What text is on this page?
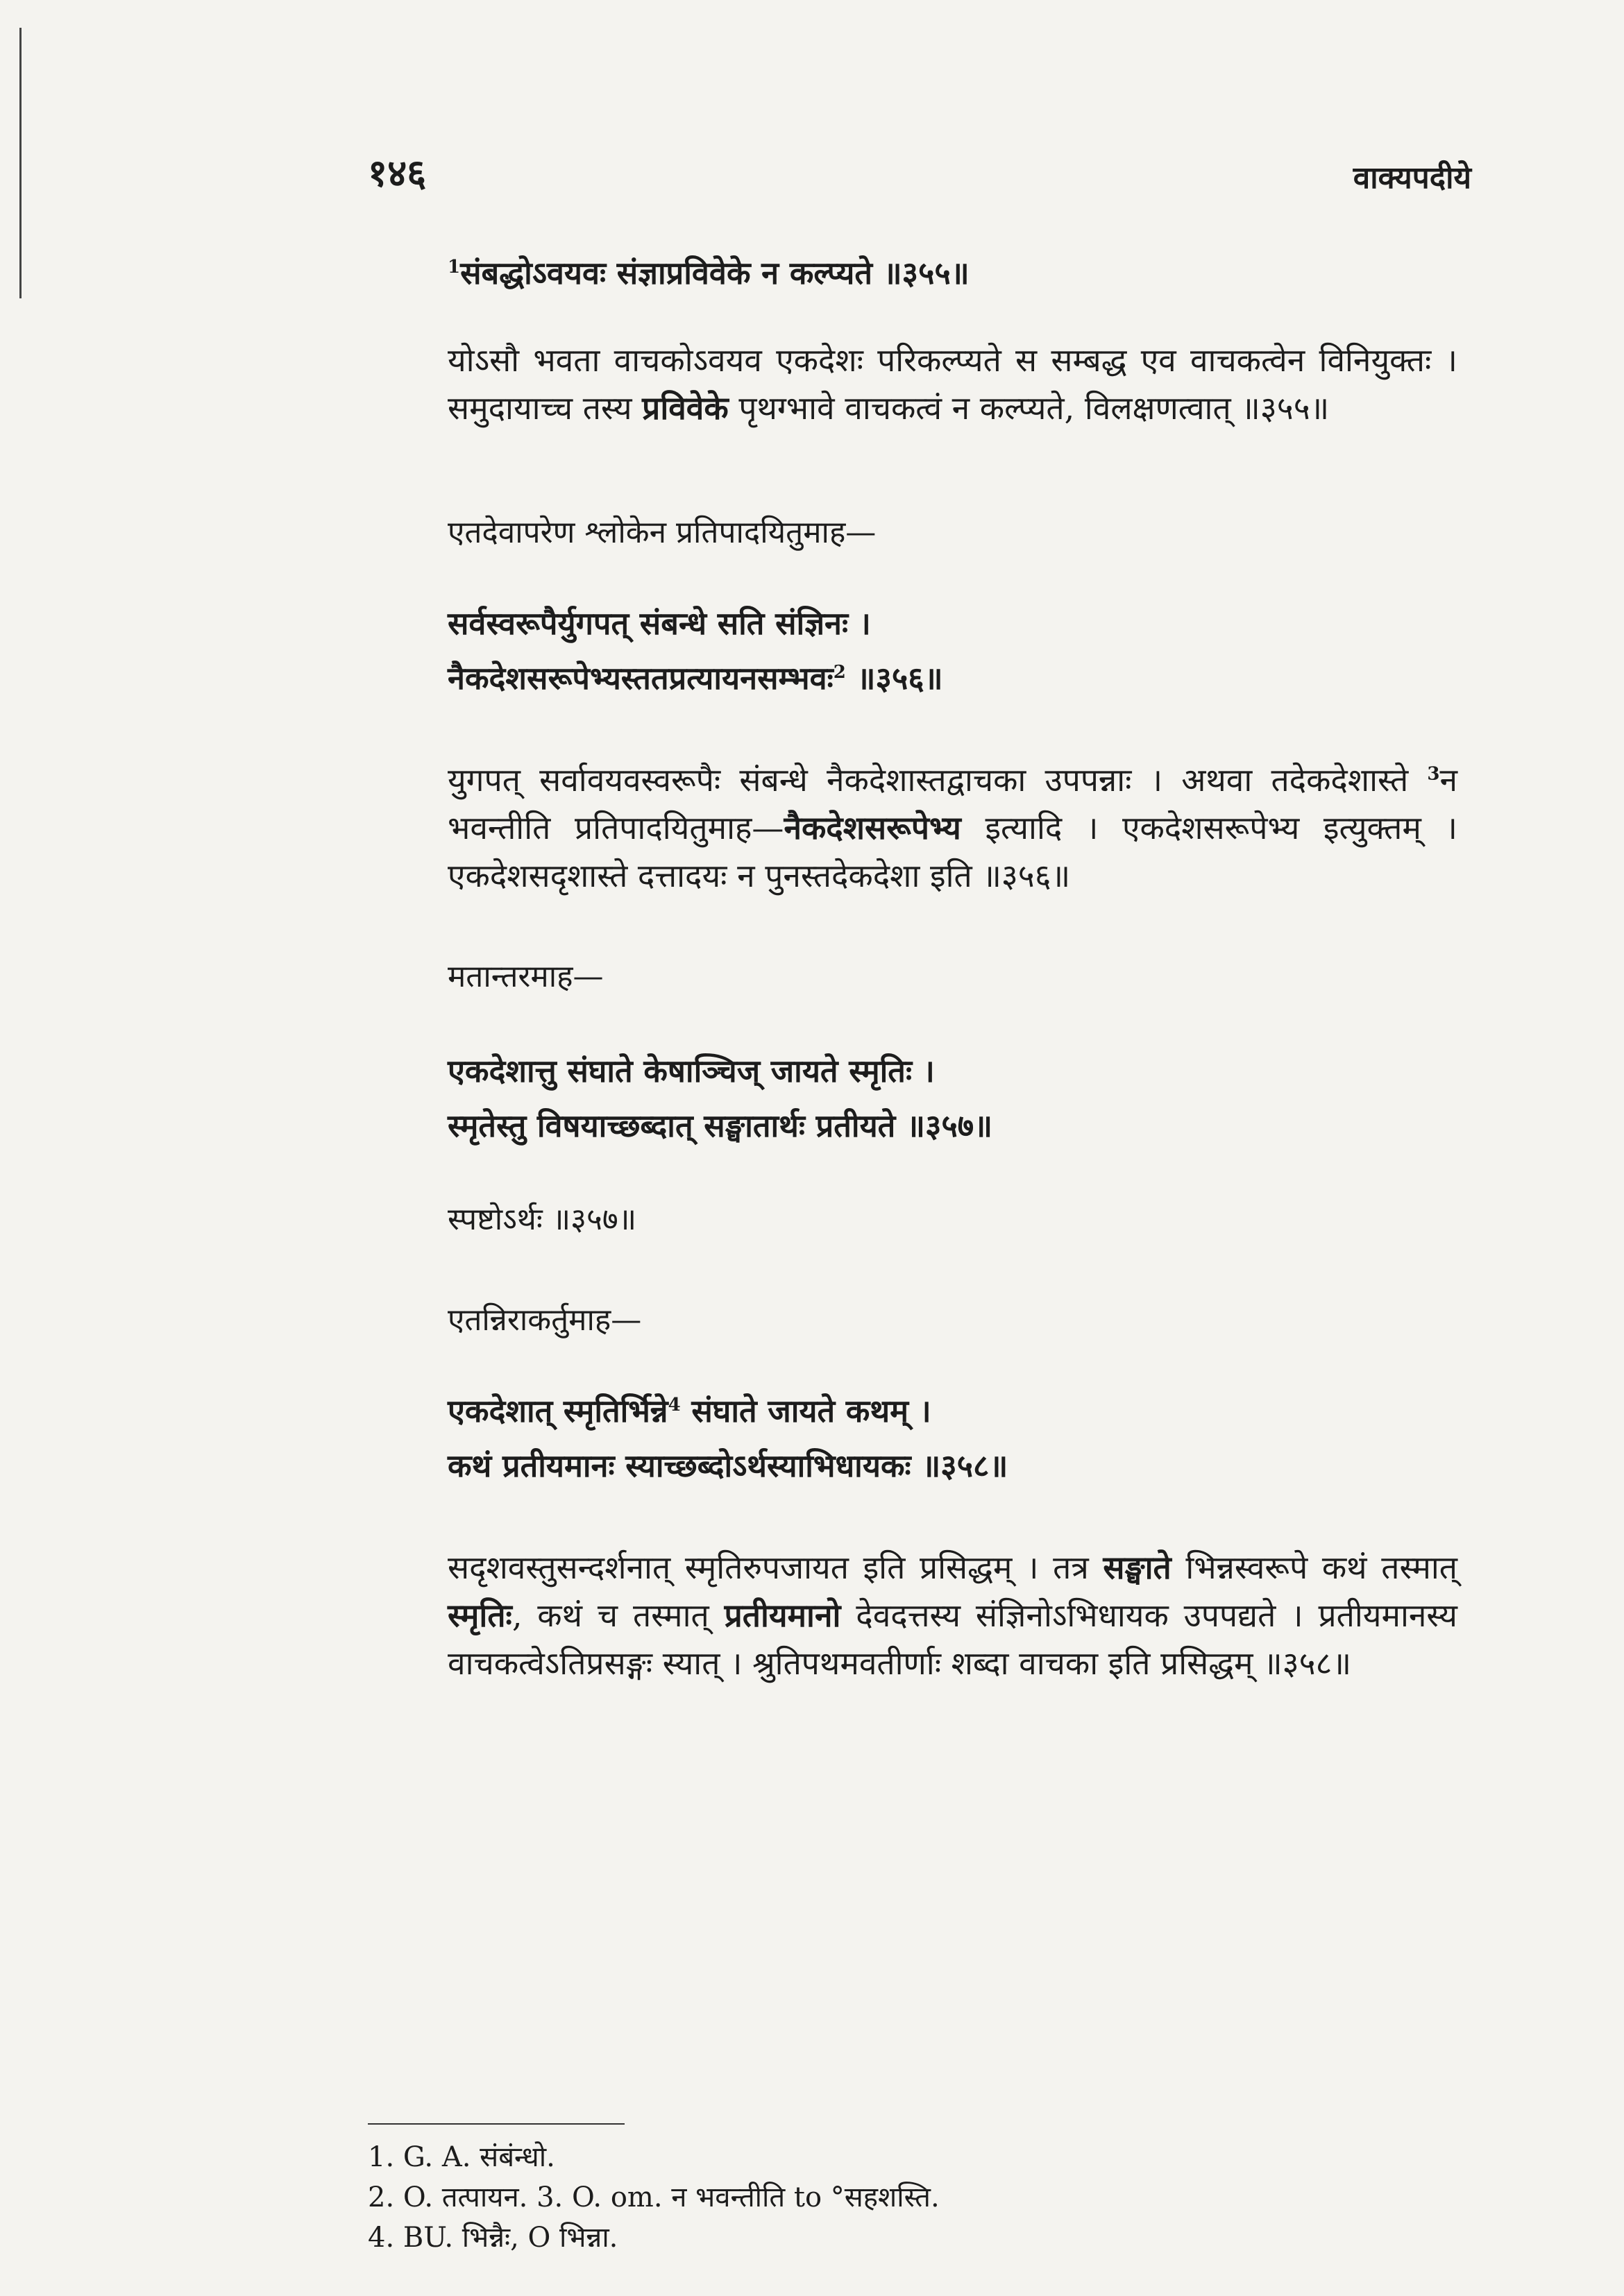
१४६	वाक्यपदीये
$^1$संबद्धोऽवयवः संज्ञाप्रविवेके न कल्प्यते ॥३५५॥
योऽसौ भवता वाचकोऽवयव एकदेशः परिकल्प्यते स सम्बद्ध एव वाचकत्वेन विनियुक्तः । समुदायाच्च तस्य प्रविवेके पृथग्भावे वाचकत्वं न कल्प्यते, विलक्षणत्वात् ॥३५५॥
एतदेवापरेण श्लोकेन प्रतिपादयितुमाह—
सर्वस्वरूपैर्युगपत् संबन्धे सति संज्ञिनः ।
नैकदेशसरूपेभ्यस्ततप्रत्यायनसम्भवः$^2$ ॥३५६॥
युगपत् सर्वावयवस्वरूपैः संबन्धे नैकदेशास्तद्वाचका उपपन्नाः । अथवा तदेकदेशास्ते $^3$न भवन्तीति प्रतिपादयितुमाह—नैकदेशसरूपेभ्य इत्यादि । एकदेशसरूपेभ्य इत्युक्तम् । एकदेशसदृशास्ते दत्तादयः न पुनस्तदेकदेशा इति ॥३५६॥
मतान्तरमाह—
एकदेशात्तु संघाते केषाञ्चिज् जायते स्मृतिः ।
स्मृतेस्तु विषयाच्छब्दात् सङ्घातार्थः प्रतीयते ॥३५७॥
स्पष्टोऽर्थः ॥३५७॥
एतन्निराकर्तुमाह—
एकदेशात् स्मृतिर्भिन्ने$^4$ संघाते जायते कथम् ।
कथं प्रतीयमानः स्याच्छब्दोऽर्थस्याभिधायकः ॥३५८॥
सदृशवस्तुसन्दर्शनात् स्मृतिरुपजायत इति प्रसिद्धम् । तत्र सङ्घाते भिन्नस्वरूपे कथं तस्मात् स्मृतिः, कथं च तस्मात् प्रतीयमानो देवदत्तस्य संज्ञिनोऽभिधायक उपपद्यते । प्रतीयमानस्य वाचकत्वेऽतिप्रसङ्गः स्यात् । श्रुतिपथमवतीर्णाः शब्दा वाचका इति प्रसिद्धम् ॥३५८॥
1. G. A. संबंन्धो.
2. O. तत्पायन. 3. O. om. न भवन्तीति to °सहशस्ति.
4. BU. भिन्नैः, O भिन्ना.
